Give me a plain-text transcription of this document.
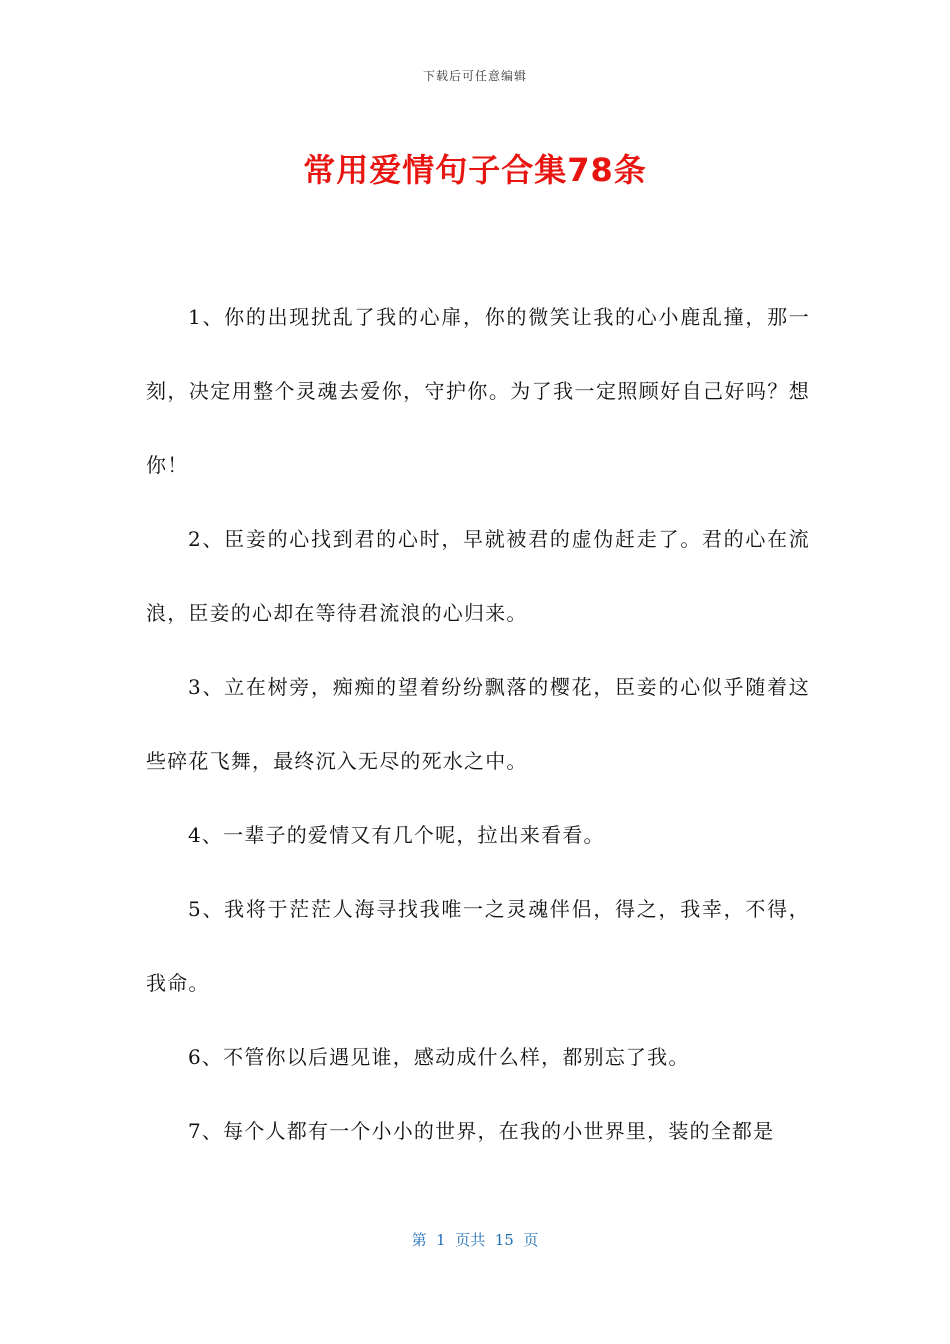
下载后可任意编辑
常用爱情句子合集78条

1、你的出现扰乱了我的心扉，你的微笑让我的心小鹿乱撞，那一刻，决定用整个灵魂去爱你，守护你。为了我一定照顾好自己好吗？想你！

2、臣妾的心找到君的心时，早就被君的虚伪赶走了。君的心在流浪，臣妾的心却在等待君流浪的心归来。

3、立在树旁，痴痴的望着纷纷飘落的樱花，臣妾的心似乎随着这些碎花飞舞，最终沉入无尽的死水之中。

4、一辈子的爱情又有几个呢，拉出来看看。

5、我将于茫茫人海寻找我唯一之灵魂伴侣，得之，我幸，不得，我命。

6、不管你以后遇见谁，感动成什么样，都别忘了我。

7、每个人都有一个小小的世界，在我的小世界里，装的全都是

第  1  页共  15  页
